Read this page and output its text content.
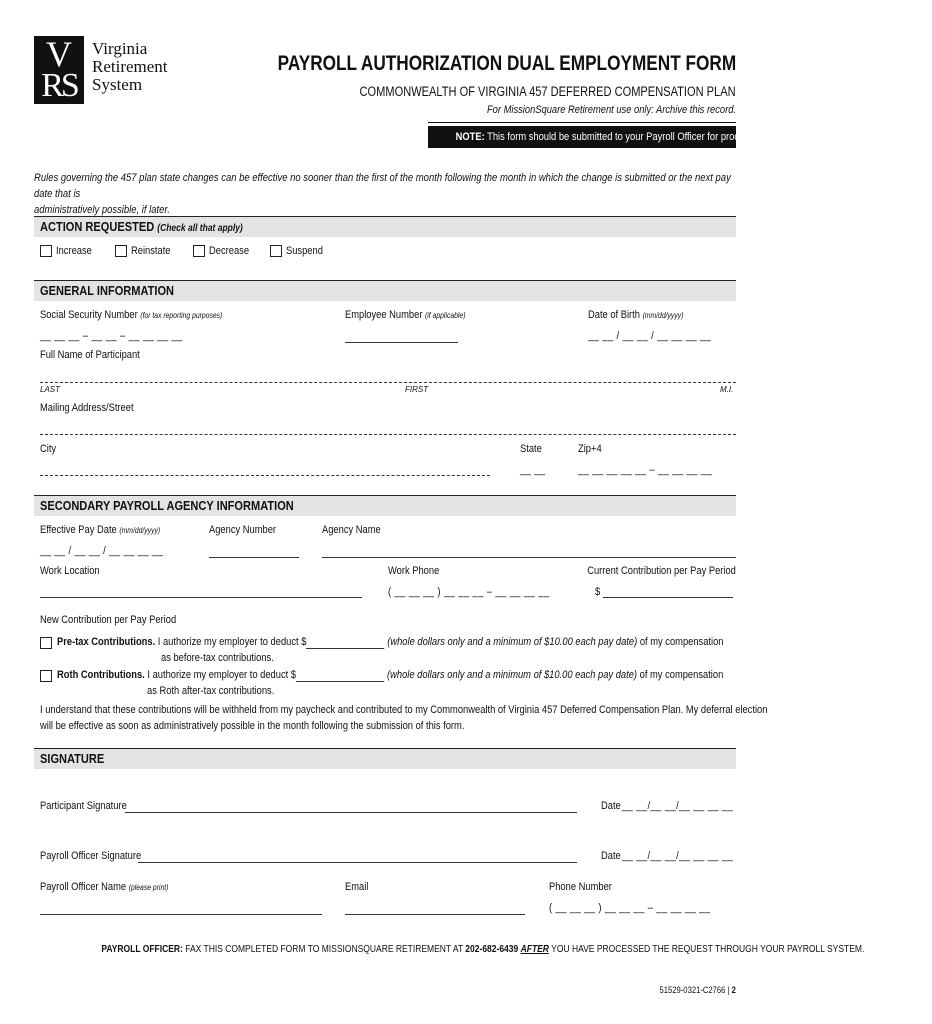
V
RS
Virginia
Retirement
System
PAYROLL AUTHORIZATION DUAL EMPLOYMENT FORM
COMMONWEALTH OF VIRGINIA 457 DEFERRED COMPENSATION PLAN
For MissionSquare Retirement use only: Archive this record.
NOTE: This form should be submitted to your Payroll Officer for processing.
Rules governing the 457 plan state changes can be effective no sooner than the first of the month following the month in which the change is submitted or the next pay date that is
administratively possible, if later.
ACTION REQUESTED (Check all that apply)
Increase	Reinstate	Decrease	Suspend
GENERAL INFORMATION
Social Security Number (for tax reporting purposes)
__ __ __ – __ __ – __ __ __ __
Employee Number (if applicable)	Date of Birth (mm/dd/yyyy)
__ __ / __ __ / __ __ __ __
Full Name of Participant
LAST	FIRST	M.I.
Mailing Address/Street
City	State
__ __
Zip+4
__ __ __ __ __ – __ __ __ __
SECONDARY PAYROLL AGENCY INFORMATION
Effective Pay Date (mm/dd/yyyy)
__ __ / __ __ / __ __ __ __
Agency Number	Agency Name
Work Location	Work Phone
( __ __ __ ) __ __ __ – __ __ __ __
Current Contribution per Pay Period
$
New Contribution per Pay Period
Pre-tax Contributions. I authorize my employer to deduct $	(whole dollars only and a minimum of $10.00 each pay date) of my compensation
as before-tax contributions.
Roth Contributions. I authorize my employer to deduct $	(whole dollars only and a minimum of $10.00 each pay date) of my compensation
as Roth after-tax contributions.
I understand that these contributions will be withheld from my paycheck and contributed to my Commonwealth of Virginia 457 Deferred Compensation Plan. My deferral election
will be effective as soon as administratively possible in the month following the submission of this form.
SIGNATURE
Participant Signature	Date __ __/__ __/__ __ __ __
Payroll Officer Signature	Date __ __/__ __/__ __ __ __
Payroll Officer Name (please print)	Email	Phone Number
( __ __ __ ) __ __ __ – __ __ __ __
PAYROLL OFFICER: FAX THIS COMPLETED FORM TO MISSIONSQUARE RETIREMENT AT 202-682-6439 AFTER YOU HAVE PROCESSED THE REQUEST THROUGH YOUR PAYROLL SYSTEM.
51529-0321-C2766 | 2
